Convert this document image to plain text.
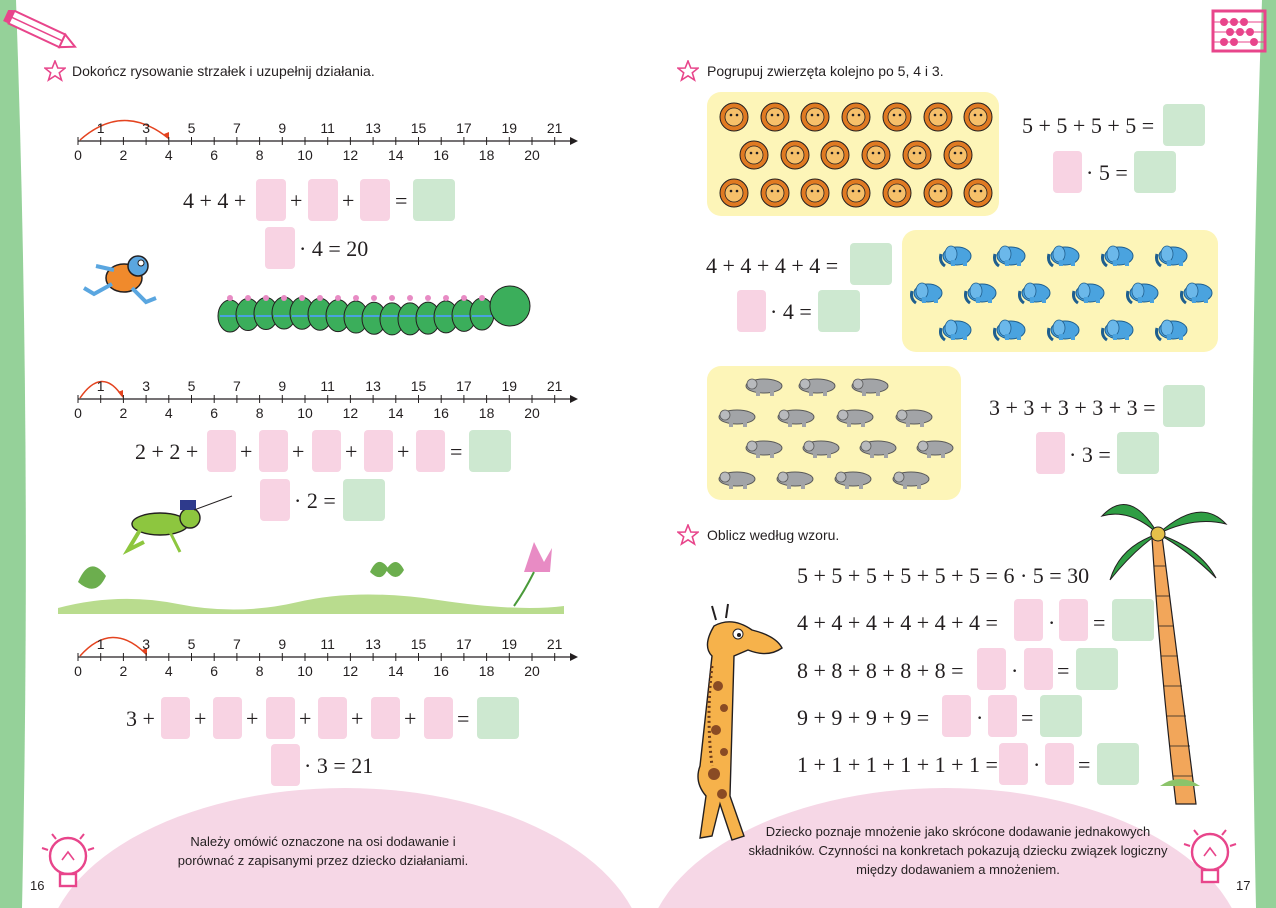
Dokończ rysowanie strzałek i uzupełnij działania.
1	3	5	7	9 11 13 15 17 19 21
0	2	4	6	8 10 12 14 16 18 20
4 + 4 + + + =
· 4 = 20
1	3	5	7	9 11 13 15 17 19 21
0	2	4	6	8 10 12 14 16 18 20
2 + 2 + + + + + =
· 2 =
1	3	5	7	9 11 13 15 17 19 21
0	2	4	6	8 10 12 14 16 18 20
3 + + + + + + =
· 3 = 21
Należy omówić oznaczone na osi dodawanie i porównać z zapisanymi przez dziecko działaniami.
16
Pogrupuj zwierzęta kolejno po 5, 4 i 3.
5 + 5 + 5 + 5 =
· 5 =
4 + 4 + 4 + 4 =
· 4 =
3 + 3 + 3 + 3 + 3 =
· 3 =
Oblicz według wzoru.
5 + 5 + 5 + 5 + 5 + 5 = 6 · 5 = 30
4 + 4 + 4 + 4 + 4 + 4 = · =
8 + 8 + 8 + 8 + 8 = · =
9 + 9 + 9 + 9 = · =
1 + 1 + 1 + 1 + 1 + 1 = · =
Dziecko poznaje mnożenie jako skrócone dodawanie jednakowych składników. Czynności na konkretach pokazują dziecku związek logiczny między dodawaniem a mnożeniem.
17
